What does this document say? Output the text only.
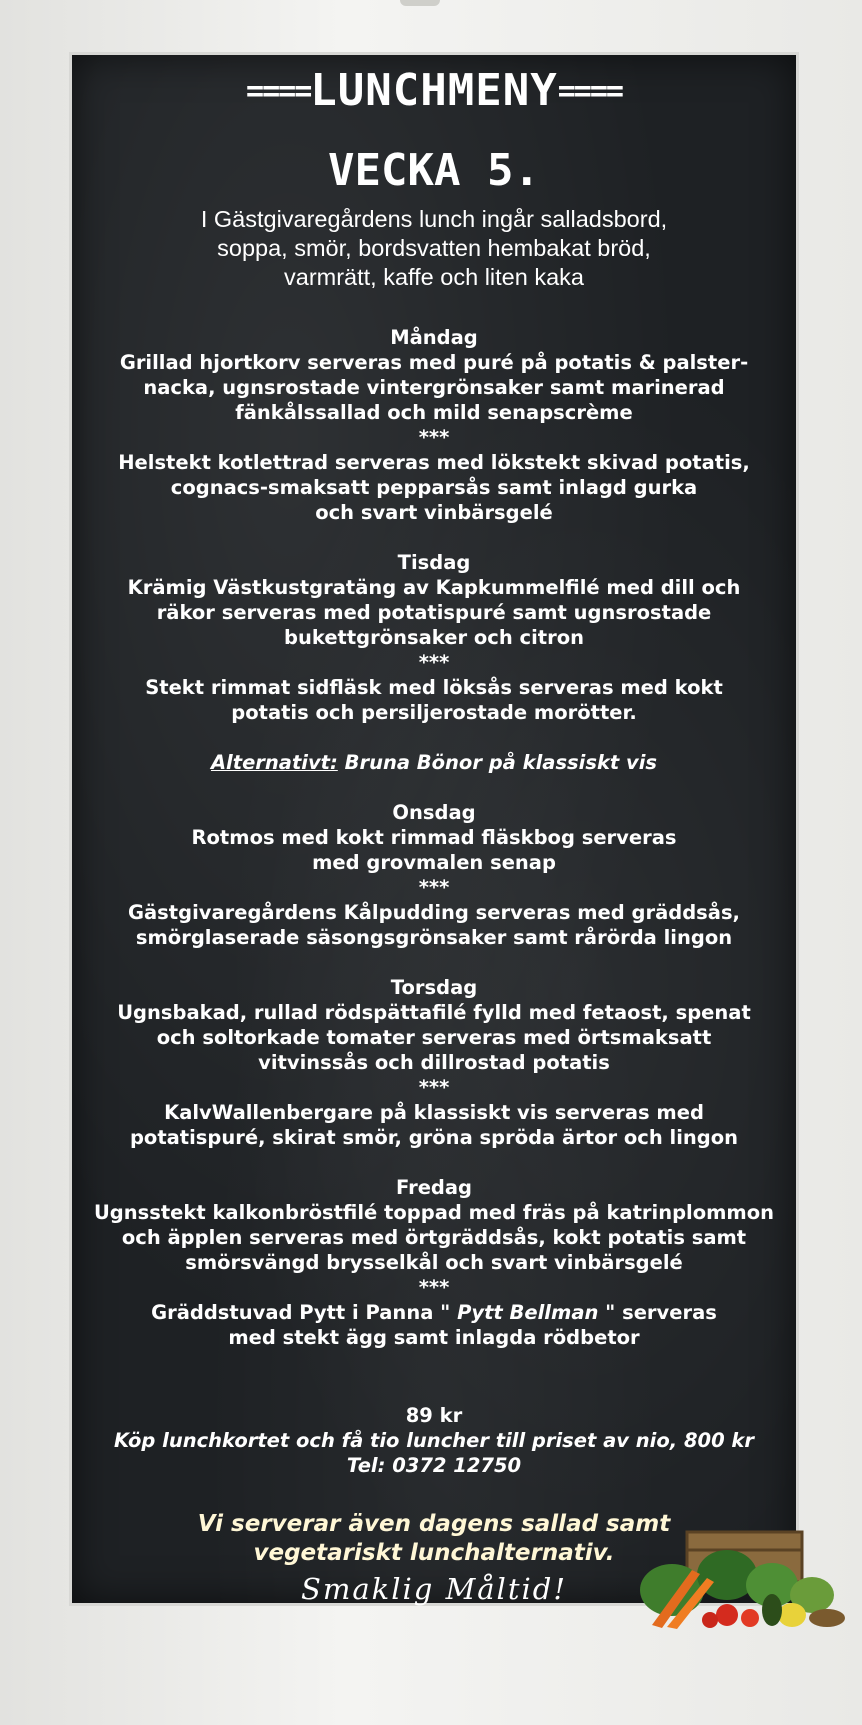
====LUNCHMENY====
VECKA 5.
I Gästgivaregårdens lunch ingår salladsbord,
soppa, smör, bordsvatten hembakat bröd,
varmrätt, kaffe och liten kaka
Måndag
Grillad hjortkorv serveras med puré på potatis & palster-
nacka, ugnsrostade vintergrönsaker samt marinerad
fänkålssallad och mild senapscrème
***
Helstekt kotlettrad serveras med lökstekt skivad potatis,
cognacs-smaksatt pepparsås samt inlagd gurka
och svart vinbärsgelé
Tisdag
Krämig Västkustgratäng av Kapkummelfilé med dill och
räkor serveras med potatispuré samt ugnsrostade
bukettgrönsaker och citron
***
Stekt rimmat sidfläsk med löksås serveras med kokt
potatis och persiljerostade morötter.
Alternativt: Bruna Bönor på klassiskt vis
Onsdag
Rotmos med kokt rimmad fläskbog serveras
med grovmalen senap
***
Gästgivaregårdens Kålpudding serveras med gräddsås,
smörglaserade säsongsgrönsaker samt rårörda lingon
Torsdag
Ugnsbakad, rullad rödspättafilé fylld med fetaost, spenat
och soltorkade tomater serveras med örtsmaksatt
vitvinssås och dillrostad potatis
***
KalvWallenbergare på klassiskt vis serveras med
potatispuré, skirat smör, gröna spröda ärtor och lingon
Fredag
Ugnsstekt kalkonbröstfilé toppad med fräs på katrinplommon
och äpplen serveras med örtgräddsås, kokt potatis samt
smörsvängd brysselkål och svart vinbärsgelé
***
Gräddstuvad Pytt i Panna " Pytt Bellman " serveras
med stekt ägg samt inlagda rödbetor
89 kr
Köp lunchkortet och få tio luncher till priset av nio, 800 kr
Tel: 0372 12750
Vi serverar även dagens sallad samt
vegetariskt lunchalternativ.
Smaklig Måltid!
